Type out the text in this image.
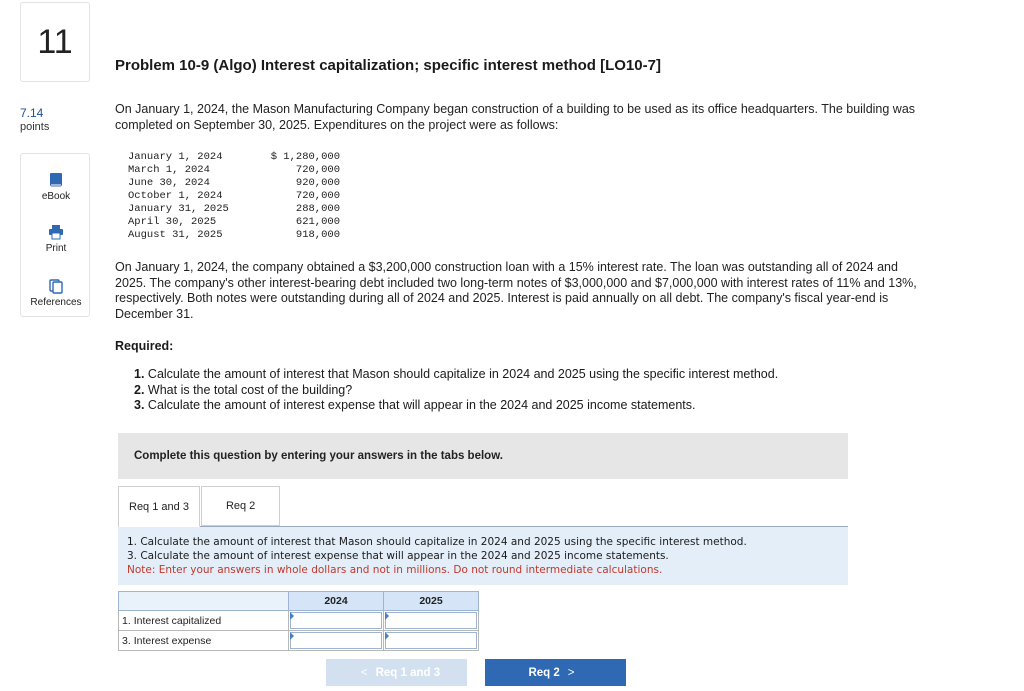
11
7.14
points
eBook
Print
References
Problem 10-9 (Algo) Interest capitalization; specific interest method [LO10-7]

On January 1, 2024, the Mason Manufacturing Company began construction of a building to be used as its office headquarters. The building was completed on September 30, 2025. Expenditures on the project were as follows:

January 1, 2024	$ 1,280,000
March 1, 2024	720,000
June 30, 2024	920,000
October 1, 2024	720,000
January 31, 2025	288,000
April 30, 2025	621,000
August 31, 2025	918,000

On January 1, 2024, the company obtained a $3,200,000 construction loan with a 15% interest rate. The loan was outstanding all of 2024 and 2025. The company's other interest-bearing debt included two long-term notes of $3,000,000 and $7,000,000 with interest rates of 11% and 13%, respectively. Both notes were outstanding during all of 2024 and 2025. Interest is paid annually on all debt. The company's fiscal year-end is December 31.

Required:
1. Calculate the amount of interest that Mason should capitalize in 2024 and 2025 using the specific interest method.
2. What is the total cost of the building?
3. Calculate the amount of interest expense that will appear in the 2024 and 2025 income statements.
Complete this question by entering your answers in the tabs below.
Req 1 and 3	Req 2
1. Calculate the amount of interest that Mason should capitalize in 2024 and 2025 using the specific interest method.
3. Calculate the amount of interest expense that will appear in the 2024 and 2025 income statements.
Note: Enter your answers in whole dollars and not in millions. Do not round intermediate calculations.
	2024	2025
1. Interest capitalized	

3. Interest expense	

< Req 1 and 3	Req 2 >
